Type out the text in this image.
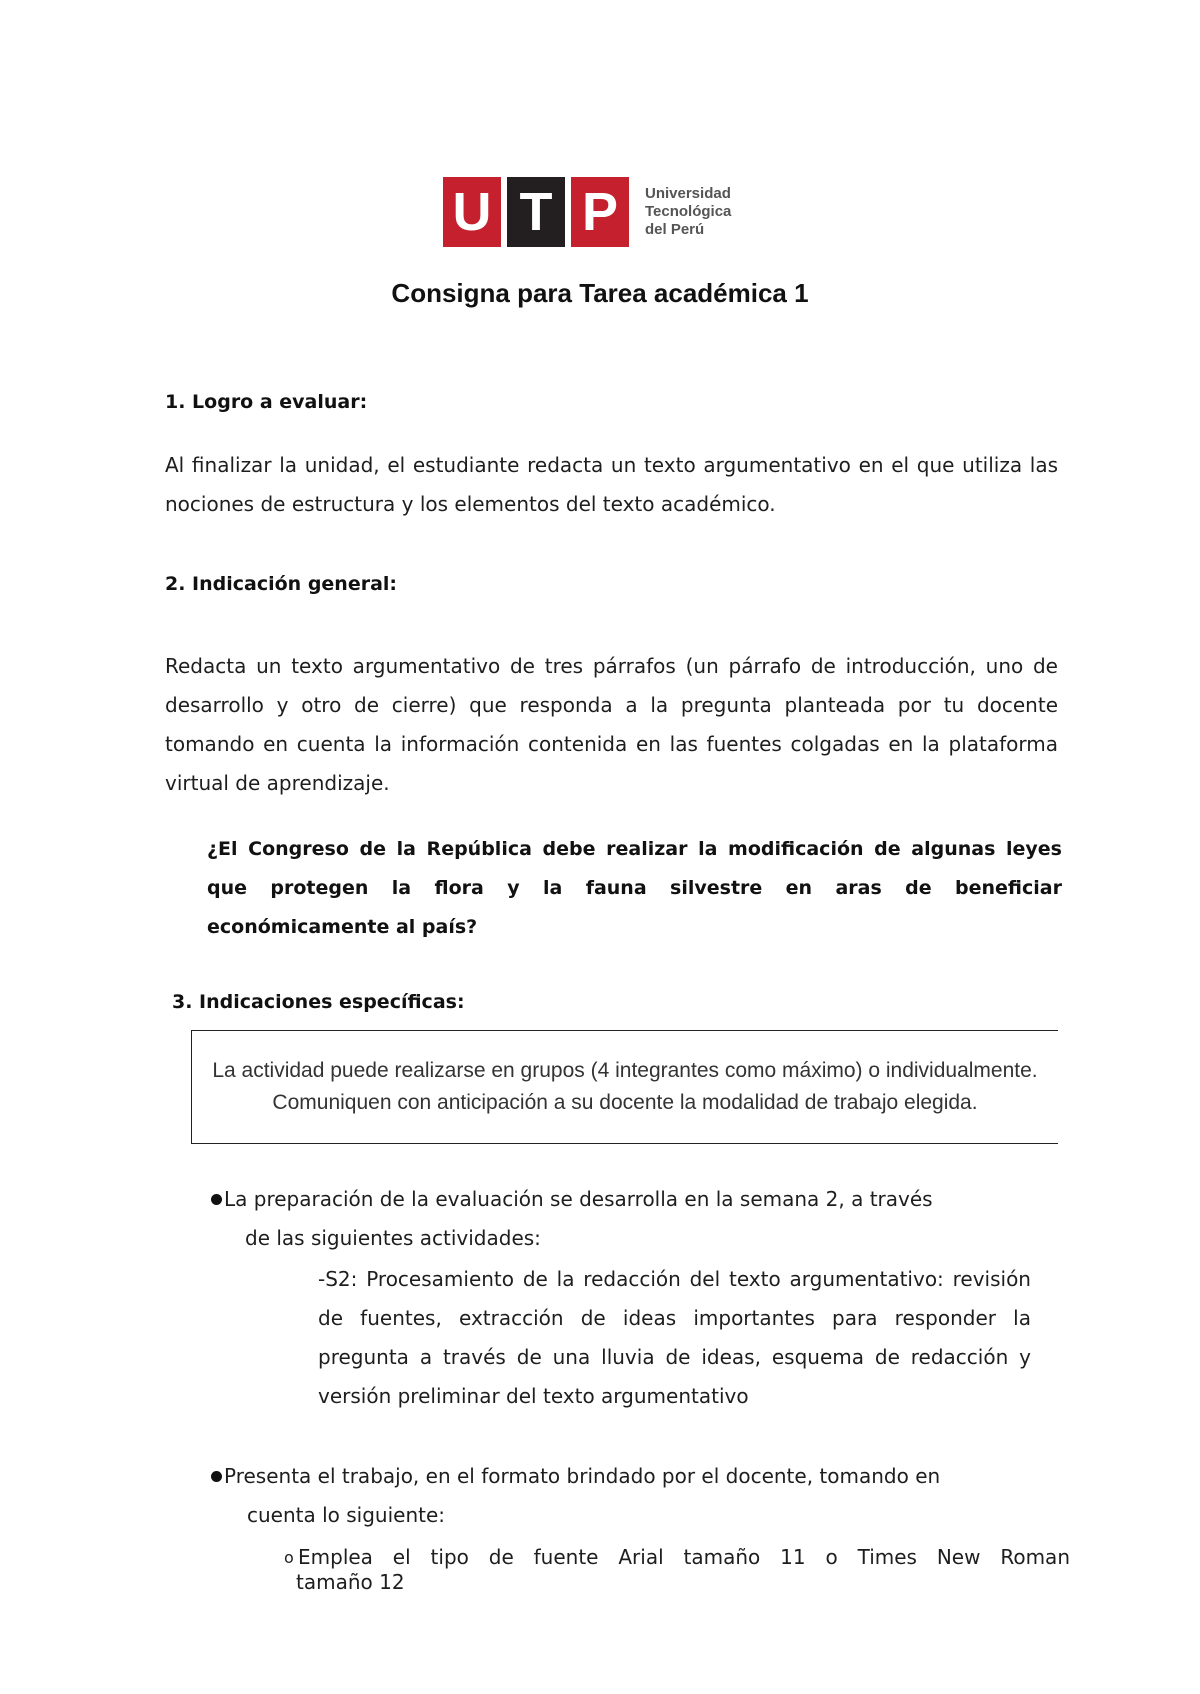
U T P	Universidad
Tecnológica
del Perú
Consigna para Tarea académica 1
1. Logro a evaluar:
Al finalizar la unidad, el estudiante redacta un texto argumentativo en el que utiliza las nociones de estructura y los elementos del texto académico.
2. Indicación general:
Redacta un texto argumentativo de tres párrafos (un párrafo de introducción, uno de desarrollo y otro de cierre) que responda a la pregunta planteada por tu docente tomando en cuenta la información contenida en las fuentes colgadas en la plataforma virtual de aprendizaje.
¿El Congreso de la República debe realizar la modificación de algunas leyes que protegen la flora y la fauna silvestre en aras de beneficiar económicamente al país?
3. Indicaciones específicas:
La actividad puede realizarse en grupos (4 integrantes como máximo) o individualmente. Comuniquen con anticipación a su docente la modalidad de trabajo elegida.
La preparación de la evaluación se desarrolla en la semana 2, a través
de las siguientes actividades:
-S2: Procesamiento de la redacción del texto argumentativo: revisión de fuentes, extracción de ideas importantes para responder la pregunta a través de una lluvia de ideas, esquema de redacción y versión preliminar del texto argumentativo
Presenta el trabajo, en el formato brindado por el docente, tomando en
cuenta lo siguiente:
o Emplea el tipo de fuente Arial tamaño 11 o Times New Roman
tamaño 12
